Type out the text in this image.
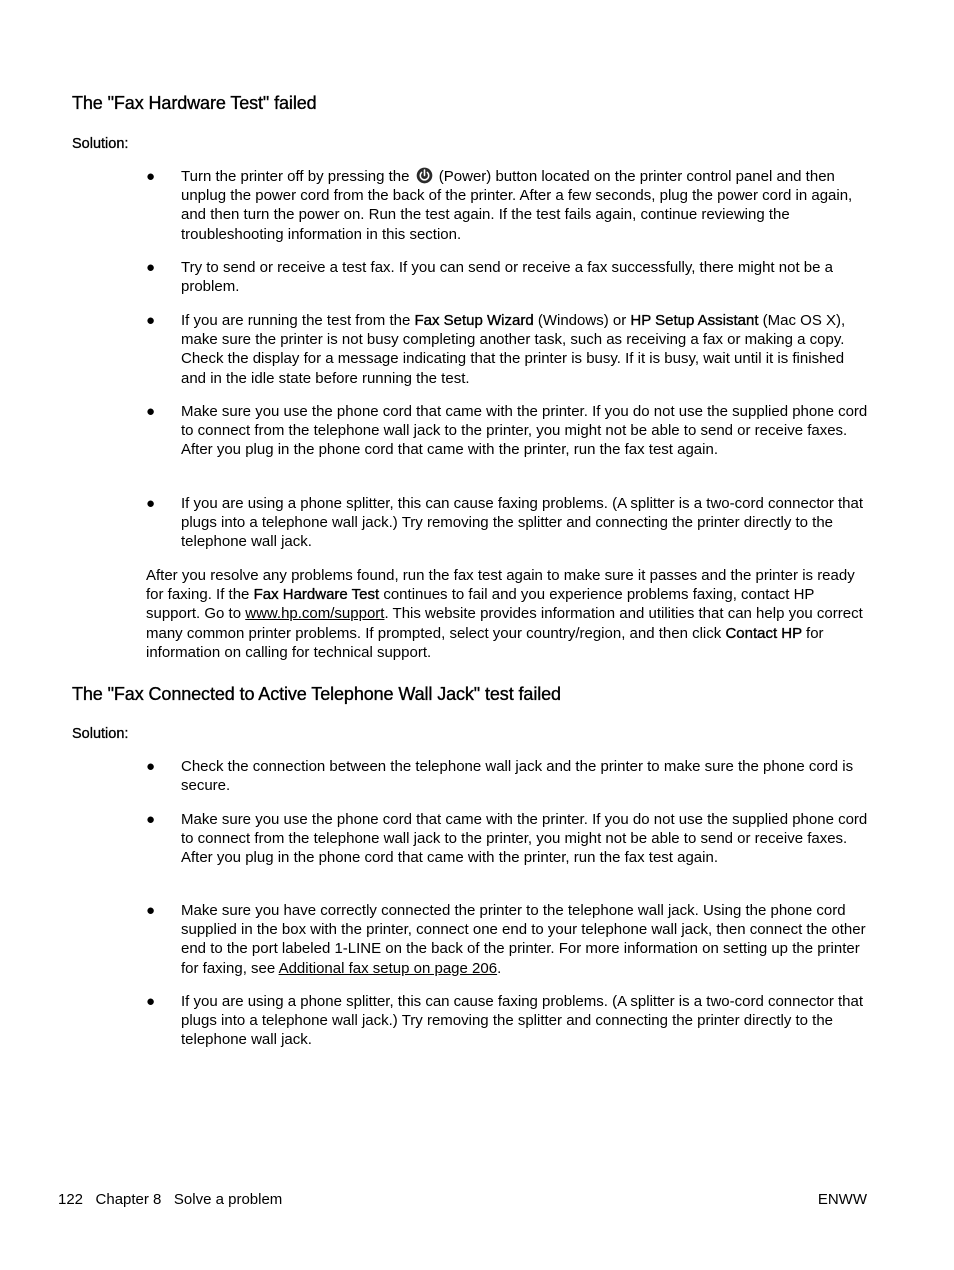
The "Fax Hardware Test" failed

Solution:

●	Turn the printer off by pressing the  (Power) button located on the printer control panel and then unplug the power cord from the back of the printer. After a few seconds, plug the power cord in again, and then turn the power on. Run the test again. If the test fails again, continue reviewing the troubleshooting information in this section.
●	Try to send or receive a test fax. If you can send or receive a fax successfully, there might not be a problem.
●	If you are running the test from the Fax Setup Wizard (Windows) or HP Setup Assistant (Mac OS X), make sure the printer is not busy completing another task, such as receiving a fax or making a copy. Check the display for a message indicating that the printer is busy. If it is busy, wait until it is finished and in the idle state before running the test.
●	Make sure you use the phone cord that came with the printer. If you do not use the supplied phone cord to connect from the telephone wall jack to the printer, you might not be able to send or receive faxes. After you plug in the phone cord that came with the printer, run the fax test again.
●	If you are using a phone splitter, this can cause faxing problems. (A splitter is a two-cord connector that plugs into a telephone wall jack.) Try removing the splitter and connecting the printer directly to the telephone wall jack.
After you resolve any problems found, run the fax test again to make sure it passes and the printer is ready for faxing. If the Fax Hardware Test continues to fail and you experience problems faxing, contact HP support. Go to www.hp.com/support. This website provides information and utilities that can help you correct many common printer problems. If prompted, select your country/region, and then click Contact HP for information on calling for technical support.
The "Fax Connected to Active Telephone Wall Jack" test failed

Solution:

●	Check the connection between the telephone wall jack and the printer to make sure the phone cord is secure.
●	Make sure you use the phone cord that came with the printer. If you do not use the supplied phone cord to connect from the telephone wall jack to the printer, you might not be able to send or receive faxes. After you plug in the phone cord that came with the printer, run the fax test again.
●	Make sure you have correctly connected the printer to the telephone wall jack. Using the phone cord supplied in the box with the printer, connect one end to your telephone wall jack, then connect the other end to the port labeled 1-LINE on the back of the printer. For more information on setting up the printer for faxing, see Additional fax setup on page 206.
●	If you are using a phone splitter, this can cause faxing problems. (A splitter is a two-cord connector that plugs into a telephone wall jack.) Try removing the splitter and connecting the printer directly to the telephone wall jack.
122   Chapter 8   Solve a problem	ENWW
